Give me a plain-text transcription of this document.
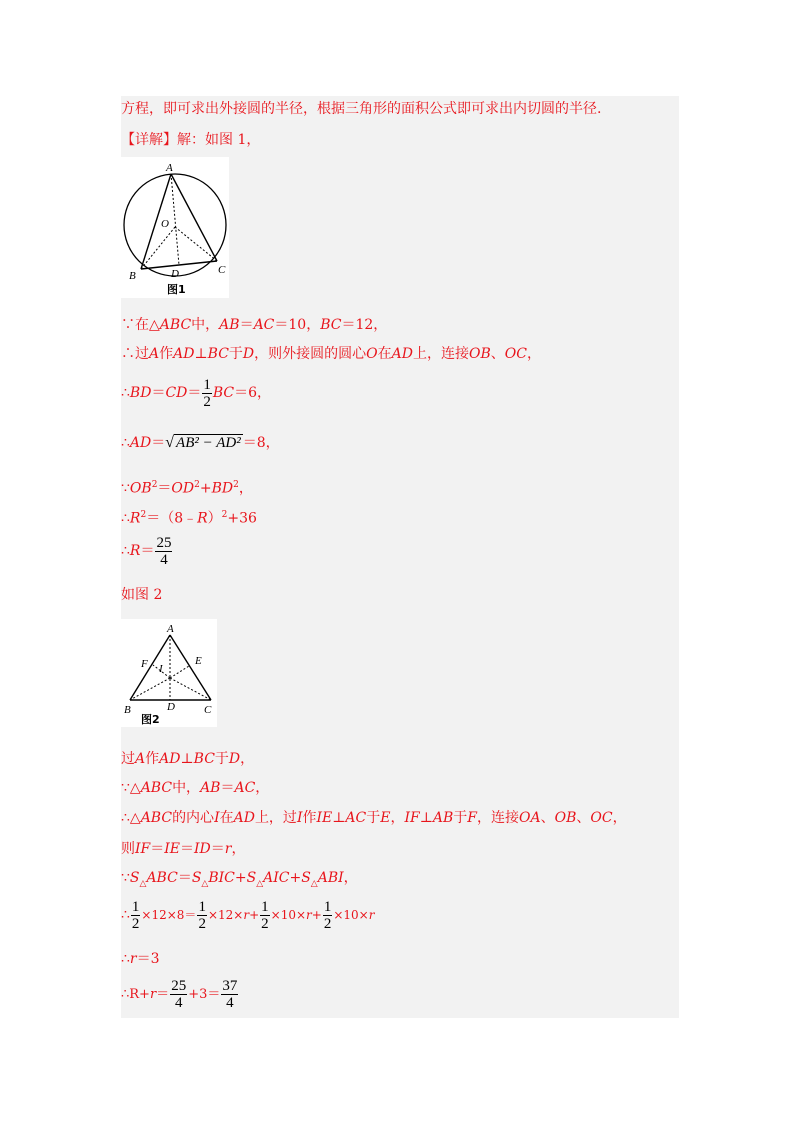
方程，即可求出外接圆的半径，根据三角形的面积公式即可求出内切圆的半径.
【详解】解：如图 1，
A
O
B	D	C
图1
∵在△ABC中，AB＝AC＝10，BC＝12，
∴过A作AD⊥BC于D，则外接圆的圆心O在AD上，连接OB、OC，
∴BD＝CD＝ $\frac{1}{2} BC=6$，
∴AD＝√ AB² − AD² ＝8，
$\because OB^2=OD^2+BD^2$，
$\therefore R^2=(8﹣R)^2+36$
∴R＝ $\frac{25}{4}$
如图 2
A
F I
E
B	D	C
图2
过A作AD⊥BC于D，
∵△ABC中，AB＝AC，
∴△ABC的内心I在AD上，过I作IE⊥AC于E，IF⊥AB于F，连接OA、OB、OC，
则IF＝IE＝ID＝r，
$\because S_\triangle ABC=S_\triangle BIC+S_\triangle AIC+S_\triangle ABI$，
∴ $\frac{1}{2} \times 12\times 8= \frac{1}{2} \times 12\times r+ \frac{1}{2} \times 10\times r+ \frac{1}{2} \times 10\times r$
∴r＝3
∴R+r＝ $\frac{25}{4} +3= \frac{37}{4}$
